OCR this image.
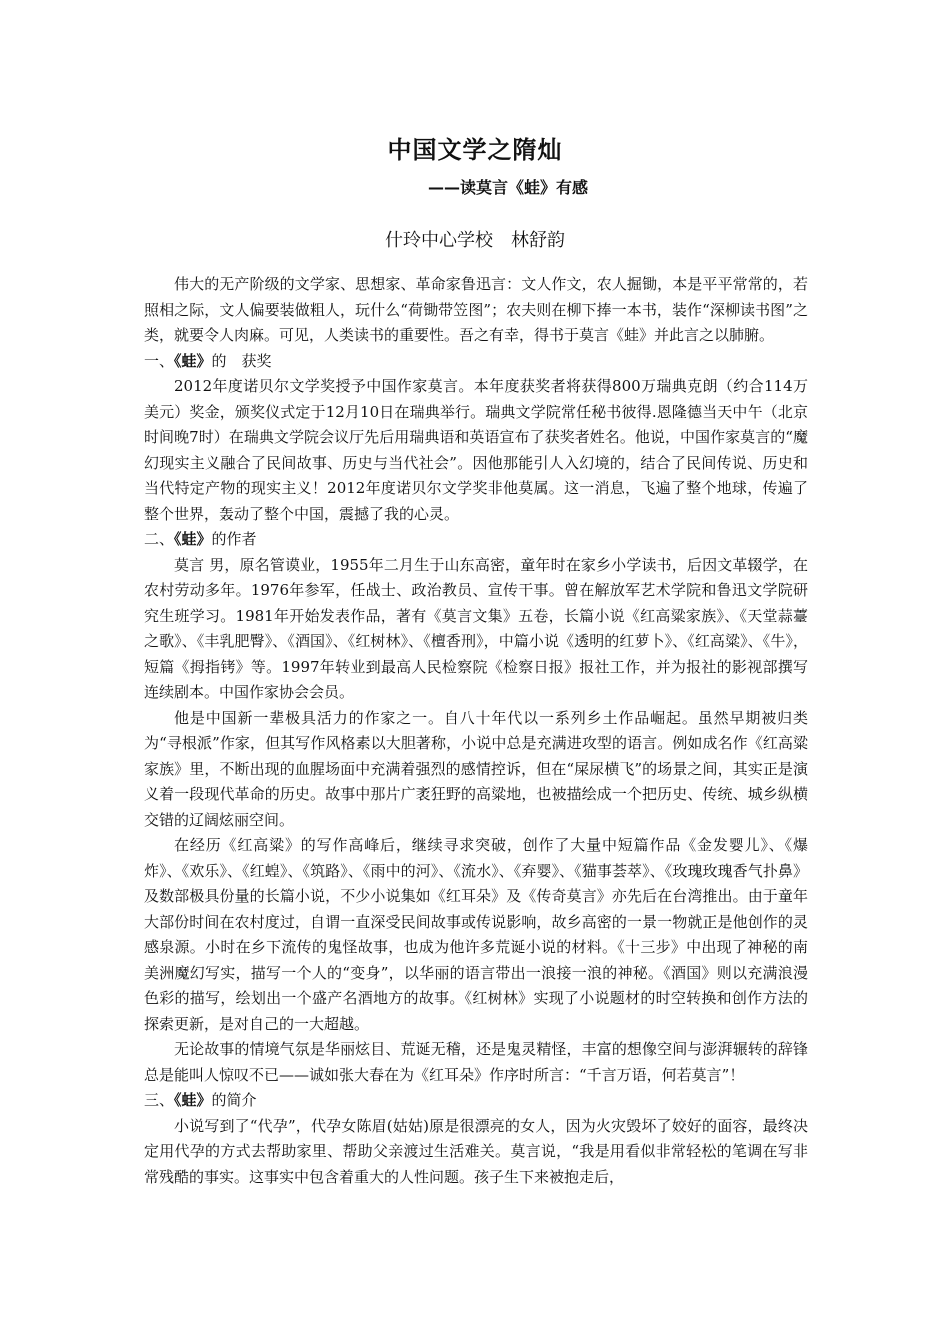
中国文学之隋灿
——读莫言《蛙》有感
什玲中心学校　林舒韵

伟大的无产阶级的文学家、思想家、革命家鲁迅言：文人作文，农人掘锄，本是平平常常的，若照相之际，文人偏要装做粗人，玩什么“荷锄带笠图”；农夫则在柳下捧一本书，装作“深柳读书图”之类，就要令人肉麻。可见，人类读书的重要性。吾之有幸，得书于莫言《蛙》并此言之以肺腑。

一、《蛙》的　获奖

2012年度诺贝尔文学奖授予中国作家莫言。本年度获奖者将获得800万瑞典克朗（约合114万美元）奖金，颁奖仪式定于12月10日在瑞典举行。瑞典文学院常任秘书彼得.恩隆德当天中午（北京时间晚7时）在瑞典文学院会议厅先后用瑞典语和英语宣布了获奖者姓名。他说，中国作家莫言的“魔幻现实主义融合了民间故事、历史与当代社会”。因他那能引人入幻境的，结合了民间传说、历史和当代特定产物的现实主义！2012年度诺贝尔文学奖非他莫属。这一消息，飞遍了整个地球，传遍了整个世界，轰动了整个中国，震撼了我的心灵。

二、《蛙》的作者

莫言 男，原名管谟业，1955年二月生于山东高密，童年时在家乡小学读书，后因文革辍学，在农村劳动多年。1976年参军，任战士、政治教员、宣传干事。曾在解放军艺术学院和鲁迅文学院研究生班学习。1981年开始发表作品，著有《莫言文集》五卷，长篇小说《红高粱家族》、《天堂蒜薹之歌》、《丰乳肥臀》、《酒国》、《红树林》、《檀香刑》，中篇小说《透明的红萝卜》、《红高粱》、《牛》，短篇《拇指铐》等。1997年转业到最高人民检察院《检察日报》报社工作，并为报社的影视部撰写连续剧本。中国作家协会会员。

他是中国新一辈极具活力的作家之一。自八十年代以一系列乡土作品崛起。虽然早期被归类为“寻根派”作家，但其写作风格素以大胆著称，小说中总是充满进攻型的语言。例如成名作《红高粱家族》里，不断出现的血腥场面中充满着强烈的感情控诉，但在“屎尿横飞”的场景之间，其实正是演义着一段现代革命的历史。故事中那片广袤狂野的高粱地，也被描绘成一个把历史、传统、城乡纵横交错的辽阔炫丽空间。

在经历《红高粱》的写作高峰后，继续寻求突破，创作了大量中短篇作品《金发婴儿》、《爆炸》、《欢乐》、《红蝗》、《筑路》、《雨中的河》、《流水》、《弃婴》、《猫事荟萃》、《玫瑰玫瑰香气扑鼻》及数部极具份量的长篇小说，不少小说集如《红耳朵》及《传奇莫言》亦先后在台湾推出。由于童年大部份时间在农村度过，自谓一直深受民间故事或传说影响，故乡高密的一景一物就正是他创作的灵感泉源。小时在乡下流传的鬼怪故事，也成为他许多荒诞小说的材料。《十三步》中出现了神秘的南美洲魔幻写实，描写一个人的“变身”，以华丽的语言带出一浪接一浪的神秘。《酒国》则以充满浪漫色彩的描写，绘划出一个盛产名酒地方的故事。《红树林》实现了小说题材的时空转换和创作方法的探索更新，是对自己的一大超越。

无论故事的情境气氛是华丽炫目、荒诞无稽，还是鬼灵精怪，丰富的想像空间与澎湃辗转的辞锋总是能叫人惊叹不已——诚如张大春在为《红耳朵》作序时所言：“千言万语，何若莫言”！

三、《蛙》的简介

小说写到了“代孕”，代孕女陈眉(姑姑)原是很漂亮的女人，因为火灾毁坏了姣好的面容，最终决定用代孕的方式去帮助家里、帮助父亲渡过生活难关。莫言说，“我是用看似非常轻松的笔调在写非常残酷的事实。这事实中包含着重大的人性问题。孩子生下来被抱走后，
